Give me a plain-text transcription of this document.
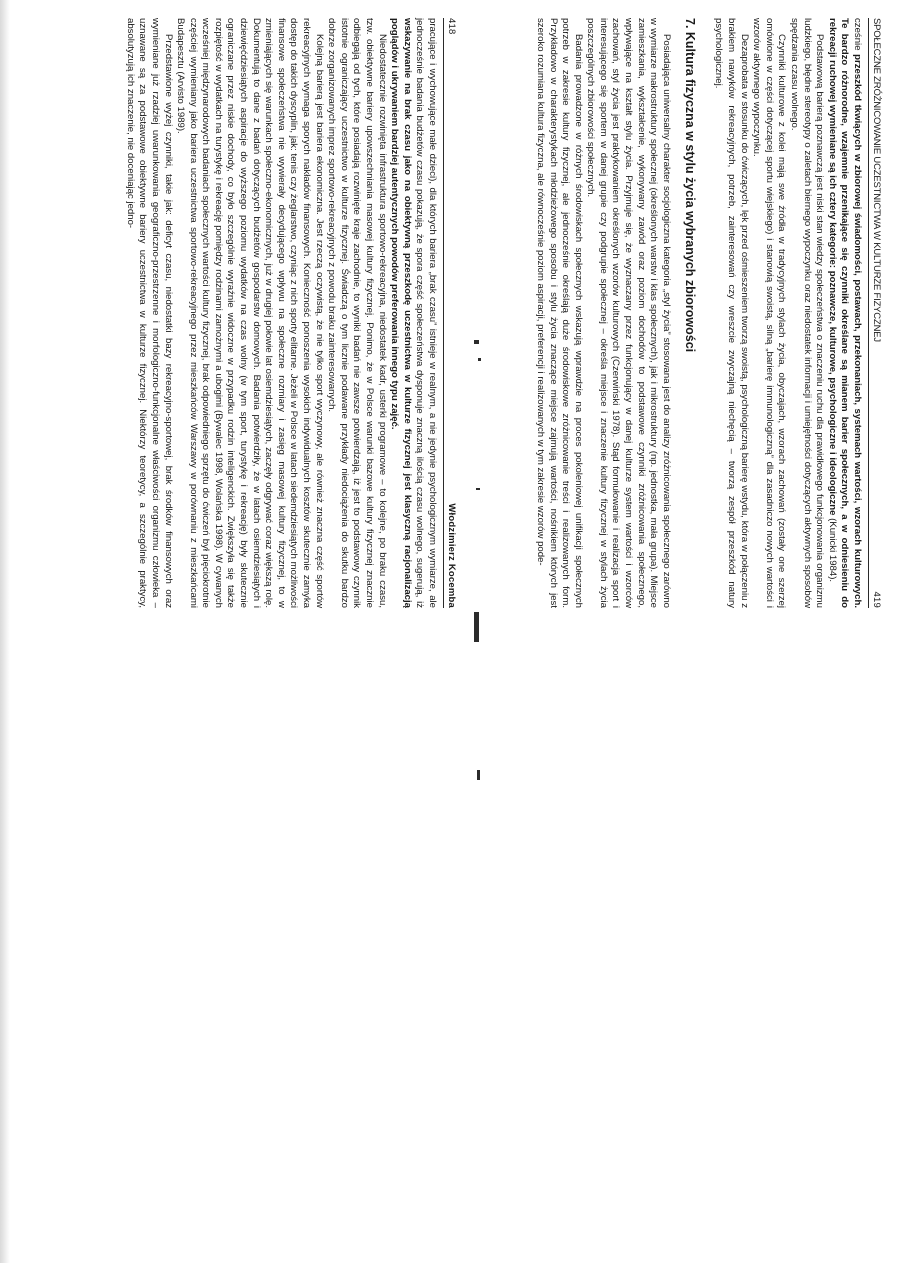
418
Włodzimierz Kocemba

pracujące i wychowujące małe dzieci), dla których bariera „brak czasu” istnieje w realnym, a nie jedynie psychologicznym wymiarze, ale jednocześnie badania budżetów czasu pokazują, że spora część społeczeństwa dysponuje znaczną ilością czasu wolnego, sugerują, iż wskazywanie na brak czasu jako na obiektywną przeszkodę uczestnictwa w kulturze fizycznej jest klasyczną racjonalizacją poglądów i ukrywaniem bardziej autentycznych powodów preferowania innego typu zajęć.

Niedostatecznie rozwinięta infrastruktura sportowo-rekreacyjna, niedostatek kadr, usterki programowe – to kolejne, po braku czasu, tzw. obiektywne bariery upowszechniania masowej kultury fizycznej. Ponimo, że w Polsce warunki bazowe kultury fizycznej znacznie odbiegają od tych, które posiadają rozwinięte kraje zachodnie, to wyniki badań nie zawsze potwierdzają, iż jest to podstawowy czynnik istotnie ograniczający uczestnictwo w kulturze fizycznej. Świadczą o tym licznie podawane przykłady niedociążenia do skutku bardzo dobrze zorganizowanych imprez sportowo-rekreacyjnych z powodu braku zainteresowanych.

Kolejną barierą jest bariera ekonomiczna. Jest rzeczą oczywistą, że nie tylko sport wyczynowy, ale również znaczna część sportów rekreacyjnych wymaga sporych nakładów finansowych. Konieczność ponoszenia wysokich indywidualnych kosztów skutecznie zamyka dostęp do takich dyscyplin, jak: tenis czy żeglarstwo, czyniąc z nich sporty elitarne. Jeżeli w Polsce w latach siedemdziesiątych możliwości finansowe społeczeństwa nie wywierały decydującego wpływu na społeczne rozmiary i zasięg masowej kultury fizycznej, to w zmieniających się warunkach społeczno-ekonomicznych, już w drugiej połowie lat osiemdziesiątych, zaczęły odgrywać coraz większą rolę. Dokumentują to dane z badań dotyczących budżetów gospodarstw domowych. Badania potwierdziły, że w latach osiemdziesiątych i dziewięćdziesiątych aspiracje do wyższego poziomu wydatków na czas wolny (w tym sport, turystykę i rekreację) były skutecznie ograniczane przez niskie dochody, co było szczególnie wyraźnie widoczne w przypadku rodzin inteligenckich. Zwiększyła się także rozpiętość w wydatkach na turystykę i rekreację pomiędzy rodzinami zamożnymi a ubogimi (Bywalec 1998, Wolańska 1998). W cywanych wcześniej międzynarodowych badaniach społecznych wartości kultury fizycznej, brak odpowiedniego sprzętu do ćwiczeń był pięciokrotnie częściej wymieniany jako bariera uczestnictwa sportowo-rekreacyjnego przez mieszkańców Warszawy w porównaniu z mieszkańcami Budapesztu (Arvisto 1989).

Przedstawione wyżej czynniki, takie jak: deficyt czasu, niedostatki bazy rekreacyjno-sportowej, brak środków finansowych oraz wymieniane już rzadziej uwarunkowania geograficzno-przestrzenne i morfologiczno-funkcjonalne właściwości organizmu człowieka – uznawane są za podstawowe obiektywne bariery uczestnictwa w kulturze fizycznej. Niektórzy teoretycy, a szczególnie praktycy, absolutyzują ich znaczenie, nie doceniając jedno-	SPOŁECZNE ZRÓŻNICOWANIE UCZESTNICTWA W KULTURZE FIZYCZNEJ
419

cześnie przeszkód tkwiących w zbiorowej świadomości, postawach, przekonaniach, systemach wartości, wzorach kulturowych. Te bardzo różnorodne, wzajemnie przenikające się czynniki określane są mianem barier społecznych, a w odniesieniu do rekreacji ruchowej wymieniane są ich cztery kategorie: poznawcze, kulturowe, psychologiczne i ideologiczne (Kunicki 1984).

Podstawową barierą poznawczą jest niski stan wiedzy społeczeństwa o znaczeniu ruchu dla prawidłowego funkcjonowania organizmu ludzkiego, błędne stereotypy o zaletach biernego wypoczynku oraz niedostatek informacji i umiejętności dotyczących aktywnych sposobów spędzania czasu wolnego.

Czynniki kulturowe z kolei mają swe źródła w tradycyjnych stylach życia, obyczajach, wzorach zachowań (zostały one szerzej omówione w części dotyczącej sportu wiejskiego) i stanowią swoistą, silną „barierę immunologiczną” dla zasadniczo nowych wartości i wzorów aktywnego wypoczynku.

Dezaprobata w stosunku do ćwiczących, lęk przed ośmieszeniem tworzą swoistą, psychologiczną barierę wstydu, która w połączeniu z brakiem nawyków rekreacyjnych, potrzeb, zainteresowań czy wreszcie zwyczajną niechęcią – tworzą zespół przeszkód natury psychologicznej.

7. Kultura fizyczna w stylu życia wybranych zbiorowości

Posiadająca uniwersalny charakter socjologiczna kategoria „styl życia” stosowana jest do analizy zróżnicowania społecznego zarówno w wymiarze makrostruktury społecznej (określonych warstw i klas społecznych), jak i mikrostruktury (np. jednostka, mała grupa). Miejsce zamieszkania, wykształcenie, wykonywany zawód oraz poziom dochodów to podstawowe czynniki zróżnicowania społecznego, wpływające na kształt stylu życia. Przyjmuje się, że wyznaczany przez funkcjonujący w danej kulturze system wartości i wzorców zachowań, styl życia jest praktykowaniem określonych wzorów kulturowych (Czerwiński 1978). Stąd formułowanie i realizacja sport i interesującego się sportem w danej grupie czy podgrupie społecznej – określa miejsce i znaczenie kultury fizycznej w stylach życia poszczególnych zbiorowości społecznych.

Badania prowadzone w różnych środowiskach społecznych wskazują wprawdzie na proces pokoleniowej unifikacji społecznych potrzeb w zakresie kultury fizycznej, ale jednocześnie określają duże środowiskowe zróżnicowanie treści i realizowanych form. Przykładowo w charakterystykach młodzieżowego sposobu i stylu życia znaczące miejsce zajmują wartości, nośnikiem których jest szeroko rozumiana kultura fizyczna, ale równocześnie poziom aspiracji, preferencji i realizowanych w tym zakresie wzorów pode-
